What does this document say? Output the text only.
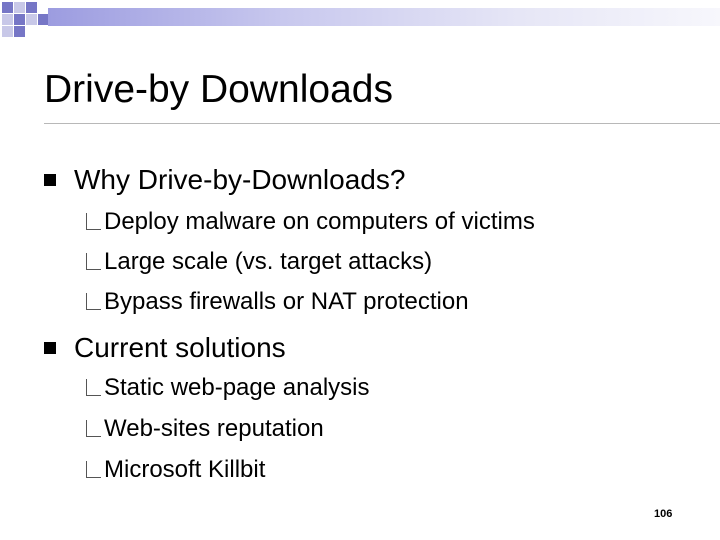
Drive-by Downloads
Why Drive-by-Downloads?
Deploy malware on computers of victims
Large scale (vs. target attacks)
Bypass firewalls or NAT protection
Current solutions
Static web-page analysis
Web-sites reputation
Microsoft Killbit
106
